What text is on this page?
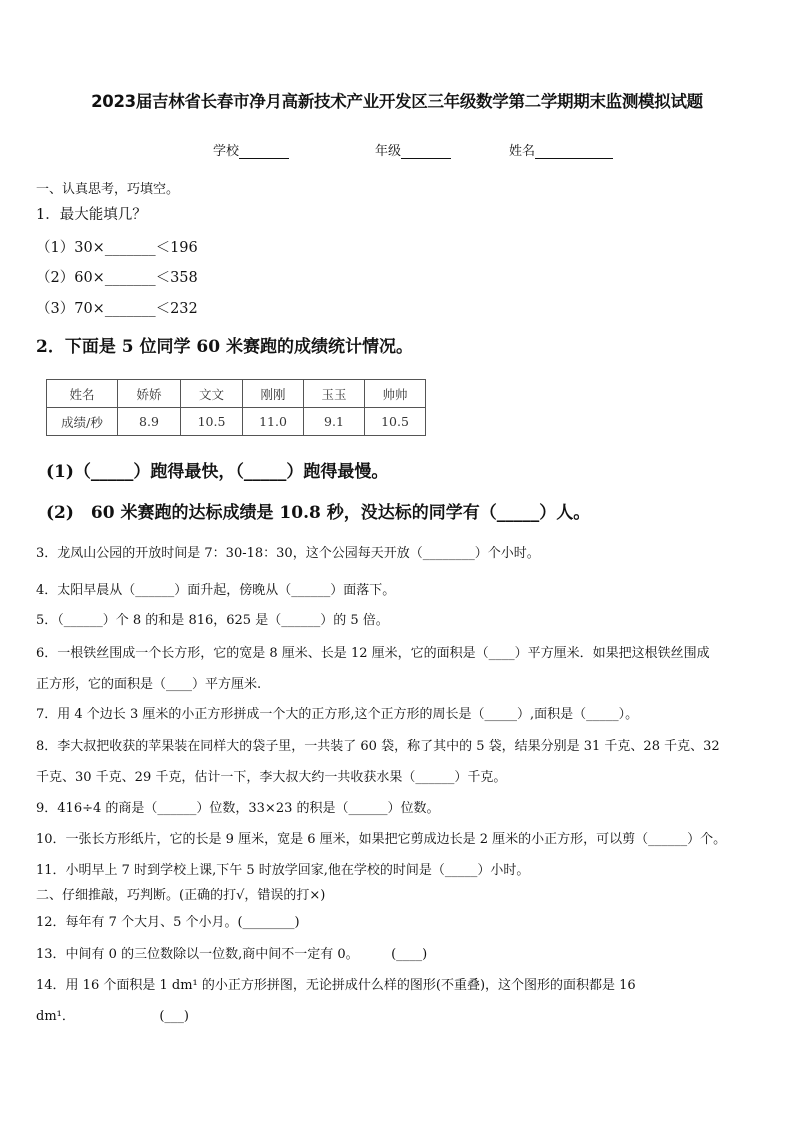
2023届吉林省长春市净月高新技术产业开发区三年级数学第二学期期末监测模拟试题
学校	年级	姓名
一、认真思考，巧填空。
1．最大能填几？
（1）30×_______＜196
（2）60×_______＜358
（3）70×_______＜232
2．下面是 5 位同学 60 米赛跑的成绩统计情况。
姓名	娇娇	文文	刚刚	玉玉	帅帅
成绩/秒	8.9	10.5	11.0	9.1	10.5
(1)（_____）跑得最快，（_____）跑得最慢。
(2)　60 米赛跑的达标成绩是 10.8 秒，没达标的同学有（_____）人。
3．龙凤山公园的开放时间是 7：30-18：30，这个公园每天开放（________）个小时。
4．太阳早晨从（______）面升起，傍晚从（______）面落下。
5．（______）个 8 的和是 816，625 是（______）的 5 倍。
6．一根铁丝围成一个长方形，它的宽是 8 厘米、长是 12 厘米，它的面积是（____）平方厘米．如果把这根铁丝围成
正方形，它的面积是（____）平方厘米.
7．用 4 个边长 3 厘米的小正方形拼成一个大的正方形,这个正方形的周长是（_____）,面积是（_____）。
8．李大叔把收获的苹果装在同样大的袋子里，一共装了 60 袋，称了其中的 5 袋，结果分别是 31 千克、28 千克、32
千克、30 千克、29 千克，估计一下，李大叔大约一共收获水果（______）千克。
9．416÷4 的商是（______）位数，33×23 的积是（______）位数。
10．一张长方形纸片，它的长是 9 厘米，宽是 6 厘米，如果把它剪成边长是 2 厘米的小正方形，可以剪（______）个。
11．小明早上 7 时到学校上课,下午 5 时放学回家,他在学校的时间是（_____）小时。
二、仔细推敲，巧判断。(正确的打√，错误的打×)
12．每年有 7 个大月、5 个小月。(________)
13．中间有 0 的三位数除以一位数,商中间不一定有 0。　　　(____)
14．用 16 个面积是 1 dm¹ 的小正方形拼图，无论拼成什么样的图形(不重叠)，这个图形的面积都是 16
dm¹．　　　　　　　(___)
